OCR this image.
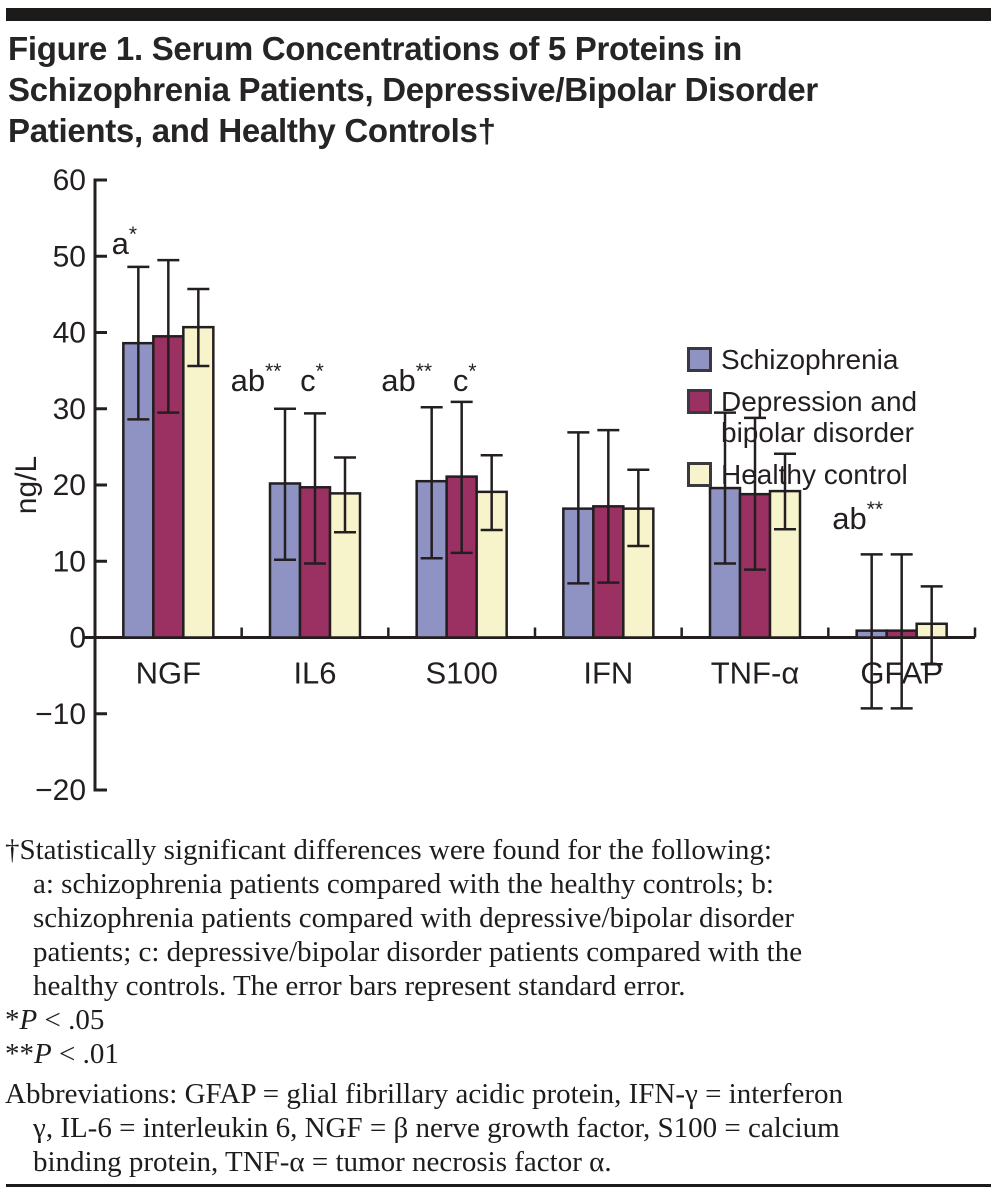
Figure 1. Serum Concentrations of 5 Proteins in
Schizophrenia Patients, Depressive/Bipolar Disorder
Patients, and Healthy Controls†
−20
−10
0
10
20
30
40
50
60
ng/L
NGF	IL6	S100	IFN TNF-α GFAP
a*
ab** c* ab** c*
ab**
Schizophrenia
Depression and
bipolar disorder
Healthy control
†Statistically significant differences were found for the following:
a: schizophrenia patients compared with the healthy controls; b:
schizophrenia patients compared with depressive/bipolar disorder
patients; c: depressive/bipolar disorder patients compared with the
healthy controls. The error bars represent standard error.
*P < .05
**P < .01
Abbreviations: GFAP = glial fibrillary acidic protein, IFN-γ = interferon
γ, IL-6 = interleukin 6, NGF = β nerve growth factor, S100 = calcium
binding protein, TNF-α = tumor necrosis factor α.
